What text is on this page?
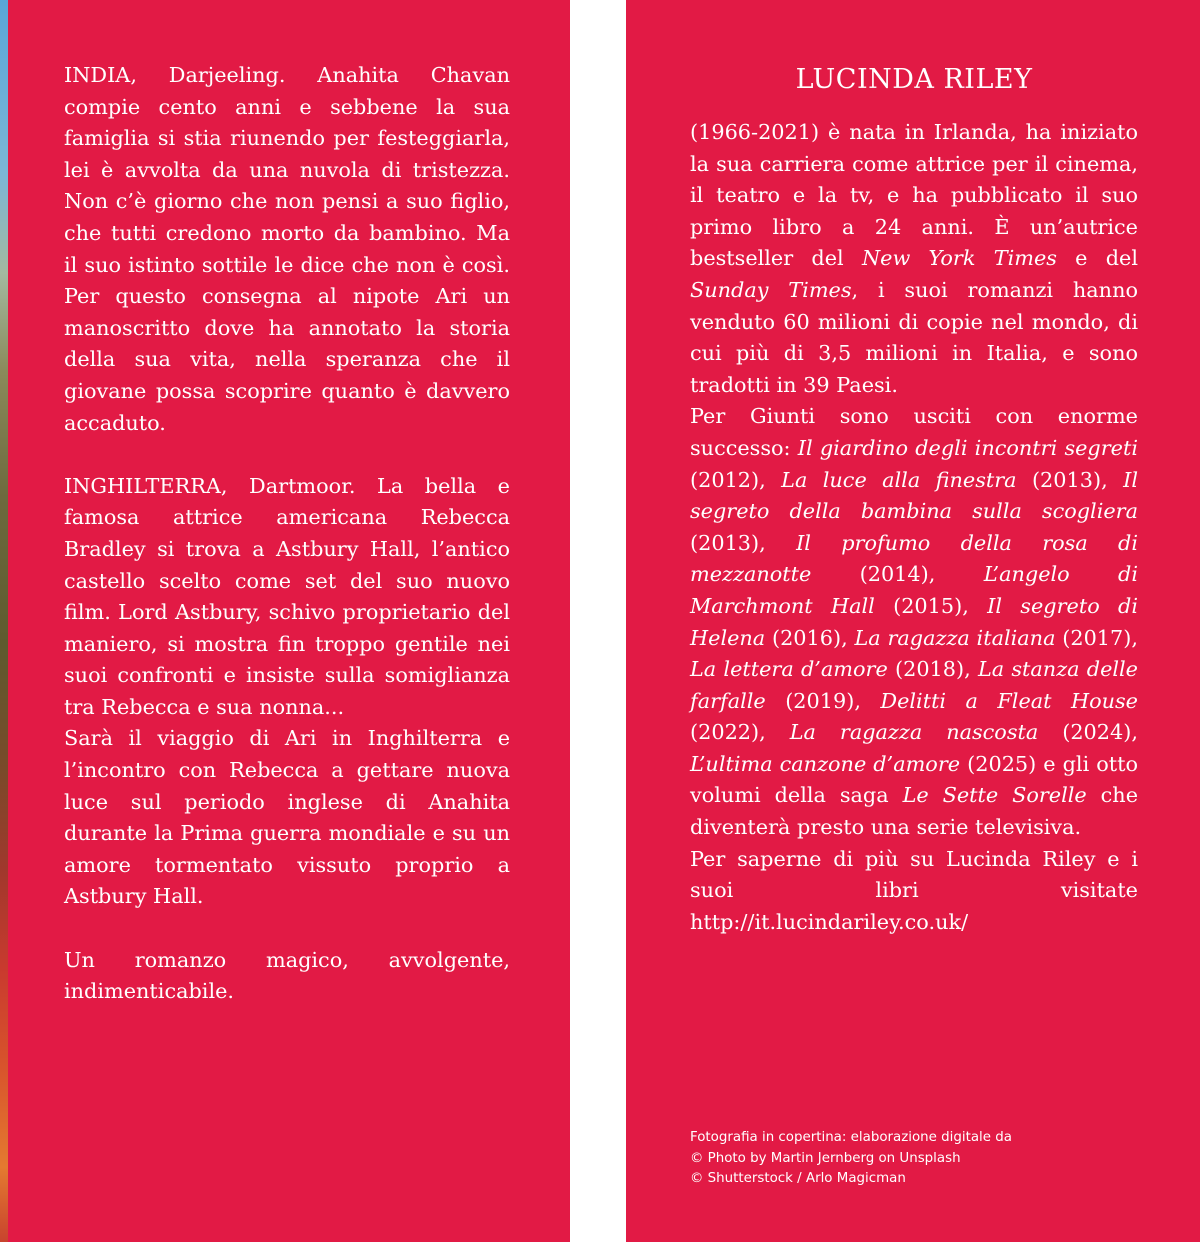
INDIA, Darjeeling. Anahita Chavan compie cento anni e sebbene la sua famiglia si stia riunendo per festeggiarla, lei è avvolta da una nuvola di tristezza. Non c’è giorno che non pensi a suo figlio, che tutti credono morto da bambino. Ma il suo istinto sottile le dice che non è così. Per questo consegna al nipote Ari un manoscritto dove ha annotato la storia della sua vita, nella speranza che il giovane possa scoprire quanto è davvero accaduto.

INGHILTERRA, Dartmoor. La bella e famosa attrice americana Rebecca Bradley si trova a Astbury Hall, l’antico castello scelto come set del suo nuovo film. Lord Astbury, schivo proprietario del maniero, si mostra fin troppo gentile nei suoi confronti e insiste sulla somiglianza tra Rebecca e sua nonna...

Sarà il viaggio di Ari in Inghilterra e l’incontro con Rebecca a gettare nuova luce sul periodo inglese di Anahita durante la Prima guerra mondiale e su un amore tormentato vissuto proprio a Astbury Hall.

Un romanzo magico, avvolgente, indimenticabile.

LUCINDA RILEY

(1966-2021) è nata in Irlanda, ha iniziato la sua carriera come attrice per il cinema, il teatro e la tv, e ha pubblicato il suo primo libro a 24 anni. È un’autrice bestseller del New York Times e del Sunday Times, i suoi romanzi hanno venduto 60 milioni di copie nel mondo, di cui più di 3,5 milioni in Italia, e sono tradotti in 39 Paesi.

Per Giunti sono usciti con enorme successo: Il giardino degli incontri segreti (2012), La luce alla finestra (2013), Il segreto della bambina sulla scogliera (2013), Il profumo della rosa di mezzanotte (2014), L’angelo di Marchmont Hall (2015), Il segreto di Helena (2016), La ragazza italiana (2017), La lettera d’amore (2018), La stanza delle farfalle (2019), Delitti a Fleat House (2022), La ragazza nascosta (2024), L’ultima canzone d’amore (2025) e gli otto volumi della saga Le Sette Sorelle che diventerà presto una serie televisiva.

Per saperne di più su Lucinda Riley e i suoi libri visitate http://it.lucindariley.co.uk/

Fotografia in copertina: elaborazione digitale da
© Photo by Martin Jernberg on Unsplash
© Shutterstock / Arlo Magicman
